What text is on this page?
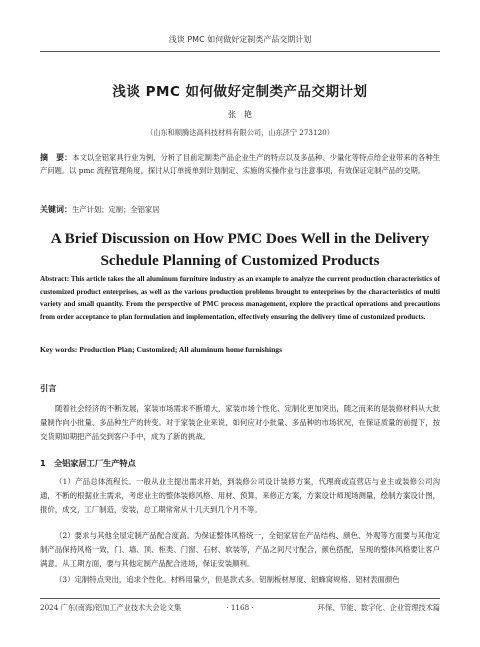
浅谈 PMC 如何做好定制类产品交期计划
浅谈 PMC 如何做好定制类产品交期计划
张　艳
（山东和顺腾达高科技材料有限公司，山东济宁 273120）
摘　要：本文以全铝家具行业为例，分析了目前定制类产品企业生产的特点以及多品种、少量化等特点给企业带来的各种生产问题。以 pmc 流程管理角度，探讨从订单接单到计划制定、实施的实操作业与注意事项，有效保证定制产品的交期。
关键词：生产计划；定制；全铝家居
A Brief Discussion on How PMC Does Well in the Delivery Schedule Planning of Customized Products
Abstract: This article takes the all aluminum furniture industry as an example to analyze the current production characteristics of customized product enterprises, as well as the various production problems brought to enterprises by the characteristics of multi variety and small quantity. From the perspective of PMC process management, explore the practical operations and precautions from order acceptance to plan formulation and implementation, effectively ensuring the delivery time of customized products.
Key words: Production Plan; Customized; All aluminum home furnishings
引言
随着社会经济的不断发展，家装市场需求不断增大，家装市场个性化、定制化更加突出，随之而来的是装修材料从大批量制作向小批量、多品种生产的转变。对于家装企业来说，如何应对小批量、多品种的市场状况，在保证质量的前提下，按交货期如期把产品交到客户手中，成为了新的挑战。
1　全铝家居工厂生产特点
（1）产品总体流程长。一般从业主提出需求开始，到装修公司设计装修方案，代理商或直营店与业主或装修公司沟通，不断的根据业主需求，考虑业主的整体装修风格、用材、预算，来修正方案，方案设计师现场测量，绘制方案设计图，报价，成交，工厂制造，安装，总工期常常从十几天到几个月不等。
（2）要求与其他全屋定制产品配合度高。为保证整体风格统一，全铝家居在产品结构、颜色、外观等方面要与其他定制产品保持风格一致，门、墙、顶、柜类、门窗、石材、软装等，产品之间尺寸配合，颜色搭配，呈现的整体风格要让客户满意。从工期方面，要与其他定制产品配合进场，保证安装顺利。
（3）定制特点突出，追求个性化。材料用量少，但是款式多。铝制板材厚度、铝蜂窝规格、铝材表面颜色
2024 广东(南海)铝加工产业技术大会论文集	· 1168 ·	环保、节能、数字化、企业管理技术篇
